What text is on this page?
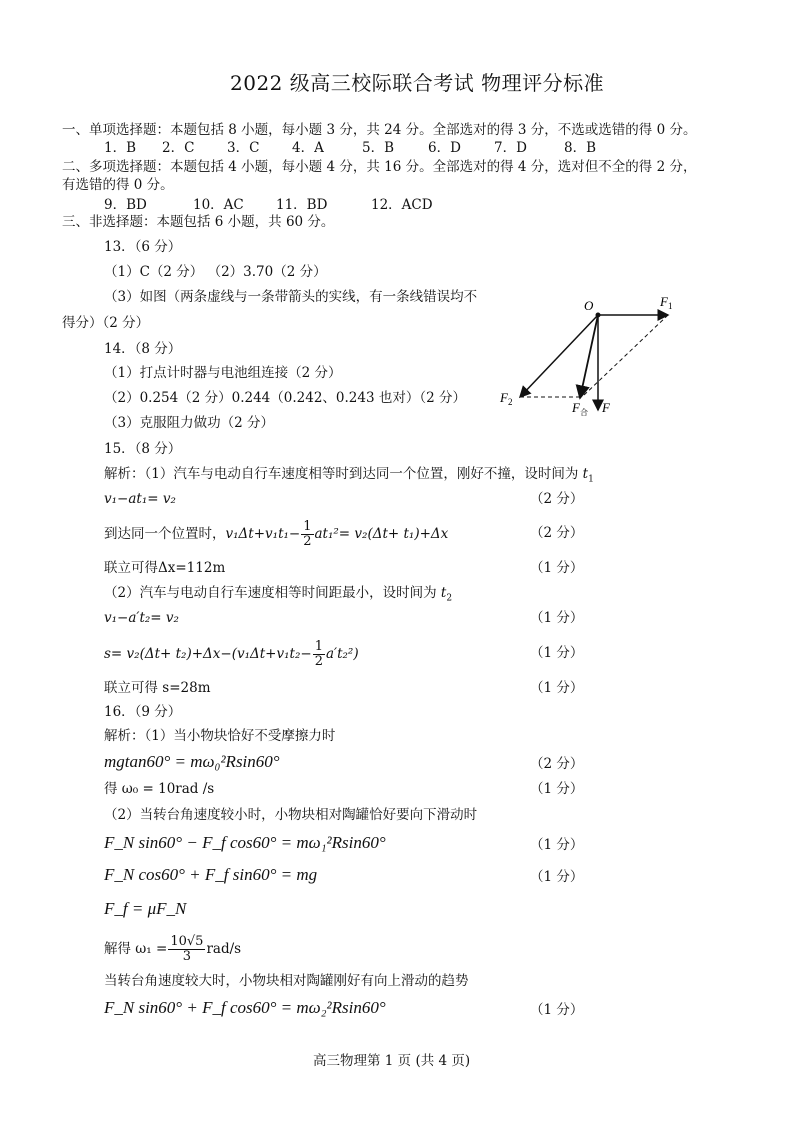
2022 级高三校际联合考试 物理评分标准
一、单项选择题：本题包括 8 小题，每小题 3 分，共 24 分。全部选对的得 3 分，不选或选错的得 0 分。
1．B 2．C 3．C 4．A	5．B	6．D 7．D	8．B
二、多项选择题：本题包括 4 小题，每小题 4 分，共 16 分。全部选对的得 4 分，选对但不全的得 2 分，
有选错的得 0 分。
9．BD	10．AC 11．BD	12．ACD
三、非选择题：本题包括 6 小题，共 60 分。
13．（6 分）
（1）C（2 分） （2）3.70（2 分）
（3）如图（两条虚线与一条带箭头的实线，有一条线错误均不
得分）（2 分）
14．（8 分）
（1）打点计时器与电池组连接（2 分）
（2）0.254（2 分）0.244（0.242、0.243 也对）（2 分）
（3）克服阻力做功（2 分）
O	$F_1$
$F_2$	$F_合$ F
15．（8 分）
解析：（1）汽车与电动自行车速度相等时到达同一个位置，刚好不撞，设时间为 $t_1$
v₁−at₁= v₂	（2 分）
到达同一个位置时，$v_1\Delta t+v_1t_1- \frac{1}{2} at_1^2= v_2(\Delta t+ t_1)+\Delta x$	（2 分）
联立可得Δx=112m	（1 分）
（2）汽车与电动自行车速度相等时间距最小，设时间为 $t_2$
v₁−a′t₂= v₂	（1 分）
$s= v_2(\Delta t+ t_2)+\Delta x-(v_1\Delta t+v_1t_2- \frac{1}{2} a't_2^2)$	（1 分）
联立可得 s=28m	（1 分）
16．（9 分）
解析：（1）当小物块恰好不受摩擦力时
mgtan60° = mω₀²Rsin60°	（2 分）
得 ω₀ = 10rad /s	（1 分）
（2）当转台角速度较小时，小物块相对陶罐恰好要向下滑动时
F_N sin60° − F_f cos60° = mω₁²Rsin60°	（1 分）
F_N cos60° + F_f sin60° = mg	（1 分）
F_f = μF_N
解得 $\omega_1 = \frac{10√5}{3} rad/s$
当转台角速度较大时，小物块相对陶罐刚好有向上滑动的趋势
F_N sin60° + F_f cos60° = mω₂²Rsin60°	（1 分）
高三物理第 1 页 (共 4 页)
